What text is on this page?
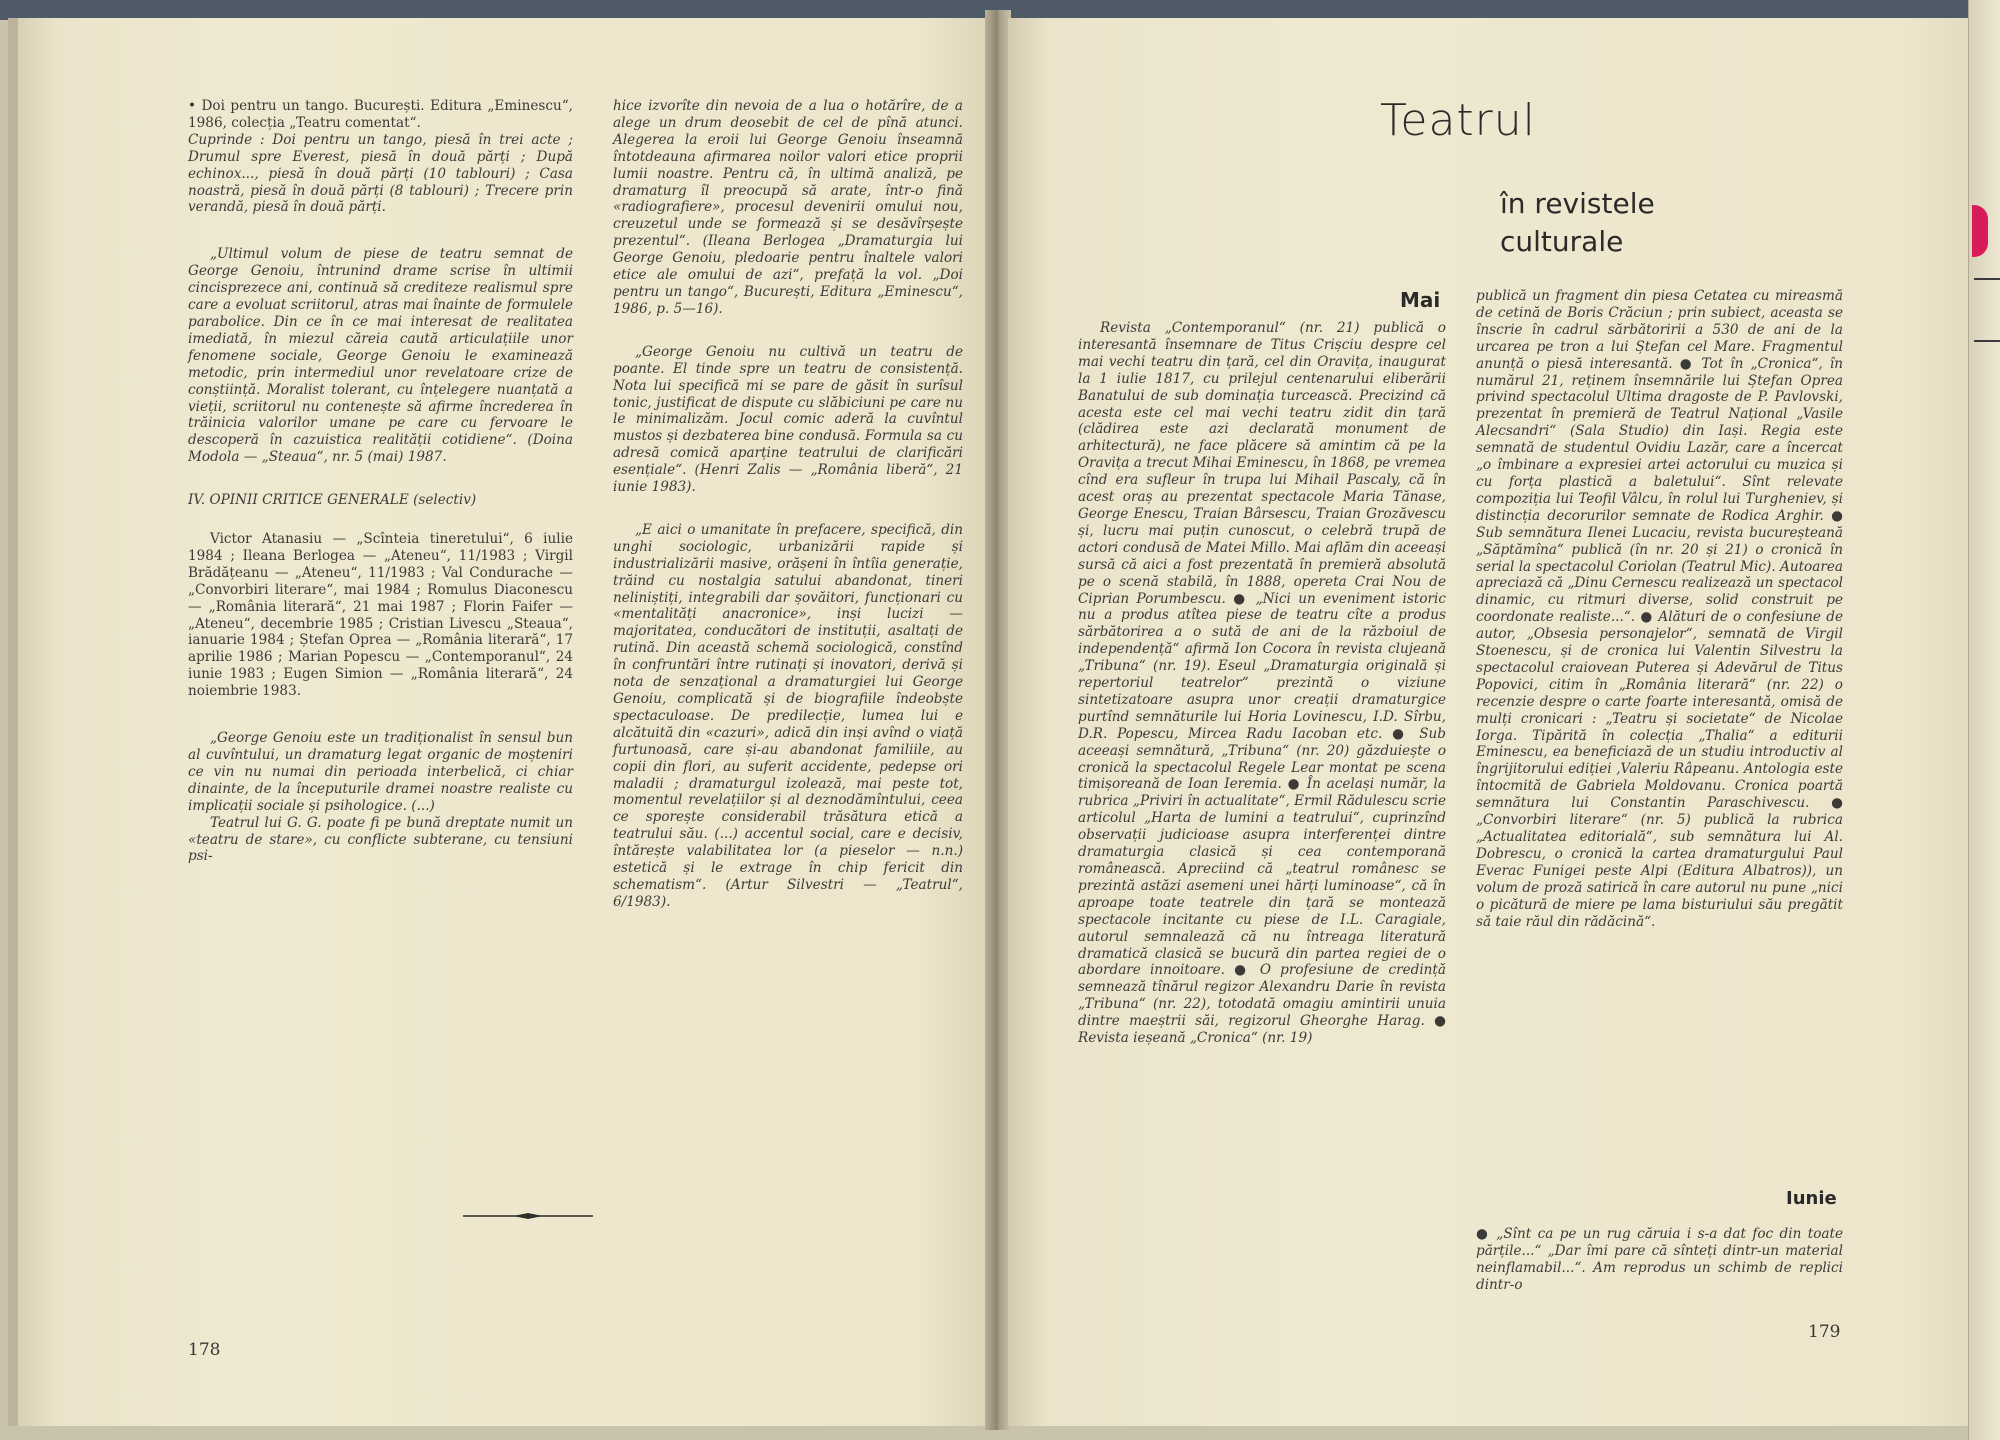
• Doi pentru un tango. București. Editura „Eminescu“, 1986, colecția „Teatru comentat“.

Cuprinde : Doi pentru un tango, piesă în trei acte ; Drumul spre Everest, piesă în două părți ; După echinox..., piesă în două părți (10 tablouri) ; Casa noastră, piesă în două părți (8 tablouri) ; Trecere prin verandă, piesă în două părți.

„Ultimul volum de piese de teatru semnat de George Genoiu, întrunind drame scrise în ultimii cincisprezece ani, continuă să crediteze realismul spre care a evoluat scriitorul, atras mai înainte de formulele parabolice. Din ce în ce mai interesat de realitatea imediată, în miezul căreia caută articulațiile unor fenomene sociale, George Genoiu le examinează metodic, prin intermediul unor revelatoare crize de conștiință. Moralist tolerant, cu înțelegere nuanțată a vieții, scriitorul nu contenește să afirme încrederea în trăinicia valorilor umane pe care cu fervoare le descoperă în cazuistica realității cotidiene“. (Doina Modola — „Steaua“, nr. 5 (mai) 1987.

IV. OPINII CRITICE GENERALE (selectiv)

Victor Atanasiu — „Scînteia tineretului“, 6 iulie 1984 ; Ileana Berlogea — „Ateneu“, 11/1983 ; Virgil Brădățeanu — „Ateneu“, 11/1983 ; Val Condurache — „Convorbiri literare“, mai 1984 ; Romulus Diaconescu — „România literară“, 21 mai 1987 ; Florin Faifer — „Ateneu“, decembrie 1985 ; Cristian Livescu „Steaua“, ianuarie 1984 ; Ștefan Oprea — „România literară“, 17 aprilie 1986 ; Marian Popescu — „Contemporanul“, 24 iunie 1983 ; Eugen Simion — „România literară“, 24 noiembrie 1983.

„George Genoiu este un tradiționalist în sensul bun al cuvîntului, un dramaturg legat organic de moșteniri ce vin nu numai din perioada interbelică, ci chiar dinainte, de la începuturile dramei noastre realiste cu implicații sociale și psihologice. (...)

Teatrul lui G. G. poate fi pe bună dreptate numit un «teatru de stare», cu conflicte subterane, cu tensiuni psi-

hice izvorîte din nevoia de a lua o hotărîre, de a alege un drum deosebit de cel de pînă atunci. Alegerea la eroii lui George Genoiu înseamnă întotdeauna afirmarea noilor valori etice proprii lumii noastre. Pentru că, în ultimă analiză, pe dramaturg îl preocupă să arate, într-o fină «radiografiere», procesul devenirii omului nou, creuzetul unde se formează și se desăvîrșește prezentul“. (Ileana Berlogea „Dramaturgia lui George Genoiu, pledoarie pentru înaltele valori etice ale omului de azi“, prefață la vol. „Doi pentru un tango“, București, Editura „Eminescu“, 1986, p. 5—16).

„George Genoiu nu cultivă un teatru de poante. El tinde spre un teatru de consistență. Nota lui specifică mi se pare de găsit în surîsul tonic, justificat de dispute cu slăbiciuni pe care nu le minimalizăm. Jocul comic aderă la cuvîntul mustos și dezbaterea bine condusă. Formula sa cu adresă comică aparține teatrului de clarificări esențiale“. (Henri Zalis — „România liberă“, 21 iunie 1983).

„E aici o umanitate în prefacere, specifică, din unghi sociologic, urbanizării rapide și industrializării masive, orășeni în întîia generație, trăind cu nostalgia satului abandonat, tineri neliniștiți, integrabili dar șovăitori, funcționari cu «mentalități anacronice», inși lucizi — majoritatea, conducători de instituții, asaltați de rutină. Din această schemă sociologică, constînd în confruntări între rutinați și inovatori, derivă și nota de senzațional a dramaturgiei lui George Genoiu, complicată și de biografiile îndeobște spectaculoase. De predilecție, lumea lui e alcătuită din «cazuri», adică din inși avînd o viață furtunoasă, care și-au abandonat familiile, au copii din flori, au suferit accidente, pedepse ori maladii ; dramaturgul izolează, mai peste tot, momentul revelațiilor și al deznodămîntului, ceea ce sporește considerabil trăsătura etică a teatrului său. (...) accentul social, care e decisiv, întărește valabilitatea lor (a pieselor — n.n.) estetică și le extrage în chip fericit din schematism“. (Artur Silvestri — „Teatrul“, 6/1983).

178
Teatrul
în revistele
culturale
Mai

Revista „Contemporanul“ (nr. 21) publică o interesantă însemnare de Titus Crișciu despre cel mai vechi teatru din țară, cel din Oravița, inaugurat la 1 iulie 1817, cu prilejul centenarului eliberării Banatului de sub dominația turcească. Precizind că acesta este cel mai vechi teatru zidit din țară (clădirea este azi declarată monument de arhitectură), ne face plăcere să amintim că pe la Oravița a trecut Mihai Eminescu, în 1868, pe vremea cînd era sufleur în trupa lui Mihail Pascaly, că în acest oraș au prezentat spectacole Maria Tănase, George Enescu, Traian Bârsescu, Traian Grozăvescu și, lucru mai puțin cunoscut, o celebră trupă de actori condusă de Matei Millo. Mai aflăm din aceeași sursă că aici a fost prezentată în premieră absolută pe o scenă stabilă, în 1888, opereta Crai Nou de Ciprian Porumbescu. ● „Nici un eveniment istoric nu a produs atîtea piese de teatru cîte a produs sărbătorirea a o sută de ani de la războiul de independență“ afirmă Ion Cocora în revista clujeană „Tribuna“ (nr. 19). Eseul „Dramaturgia originală și repertoriul teatrelor“ prezintă o viziune sintetizatoare asupra unor creații dramaturgice purtînd semnăturile lui Horia Lovinescu, I.D. Sîrbu, D.R. Popescu, Mircea Radu Iacoban etc. ● Sub aceeași semnătură, „Tribuna“ (nr. 20) găzduiește o cronică la spectacolul Regele Lear montat pe scena timișoreană de Ioan Ieremia. ● În același număr, la rubrica „Priviri în actualitate“, Ermil Rădulescu scrie articolul „Harta de lumini a teatrului“, cuprinzînd observații judicioase asupra interferenței dintre dramaturgia clasică și cea contemporană românească. Apreciind că „teatrul românesc se prezintă astăzi asemeni unei hărți luminoase“, că în aproape toate teatrele din țară se montează spectacole incitante cu piese de I.L. Caragiale, autorul semnalează că nu întreaga literatură dramatică clasică se bucură din partea regiei de o abordare innoitoare. ● O profesiune de credință semnează tînărul regizor Alexandru Darie în revista „Tribuna“ (nr. 22), totodată omagiu amintirii unuia dintre maeștrii săi, regizorul Gheorghe Harag. ● Revista ieșeană „Cronica“ (nr. 19)

publică un fragment din piesa Cetatea cu mireasmă de cetină de Boris Crăciun ; prin subiect, aceasta se înscrie în cadrul sărbătoririi a 530 de ani de la urcarea pe tron a lui Ștefan cel Mare. Fragmentul anunță o piesă interesantă. ● Tot în „Cronica“, în numărul 21, reținem însemnările lui Ștefan Oprea privind spectacolul Ultima dragoste de P. Pavlovski, prezentat în premieră de Teatrul Național „Vasile Alecsandri“ (Sala Studio) din Iași. Regia este semnată de studentul Ovidiu Lazăr, care a încercat „o îmbinare a expresiei artei actorului cu muzica și cu forța plastică a baletului“. Sînt relevate compoziția lui Teofil Vâlcu, în rolul lui Turgheniev, și distincția decorurilor semnate de Rodica Arghir. ● Sub semnătura Ilenei Lucaciu, revista bucureșteană „Săptămîna“ publică (în nr. 20 și 21) o cronică în serial la spectacolul Coriolan (Teatrul Mic). Autoarea apreciază că „Dinu Cernescu realizează un spectacol dinamic, cu ritmuri diverse, solid construit pe coordonate realiste...“. ● Alături de o confesiune de autor, „Obsesia personajelor“, semnată de Virgil Stoenescu, și de cronica lui Valentin Silvestru la spectacolul craiovean Puterea și Adevărul de Titus Popovici, citim în „România literară“ (nr. 22) o recenzie despre o carte foarte interesantă, omisă de mulți cronicari : „Teatru și societate“ de Nicolae Iorga. Tipărită în colecția „Thalia“ a editurii Eminescu, ea beneficiază de un studiu introductiv al îngrijitorului ediției ,Valeriu Râpeanu. Antologia este întocmită de Gabriela Moldovanu. Cronica poartă semnătura lui Constantin Paraschivescu. ● „Convorbiri literare“ (nr. 5) publică la rubrica „Actualitatea editorială“, sub semnătura lui Al. Dobrescu, o cronică la cartea dramaturgului Paul Everac Funigei peste Alpi (Editura Albatros)), un volum de proză satirică în care autorul nu pune „nici o picătură de miere pe lama bisturiului său pregătit să taie răul din rădăcină“.

Iunie

● „Sînt ca pe un rug căruia i s-a dat foc din toate părțile...“ „Dar îmi pare că sînteți dintr-un material neinflamabil...“. Am reprodus un schimb de replici dintr-o

179
